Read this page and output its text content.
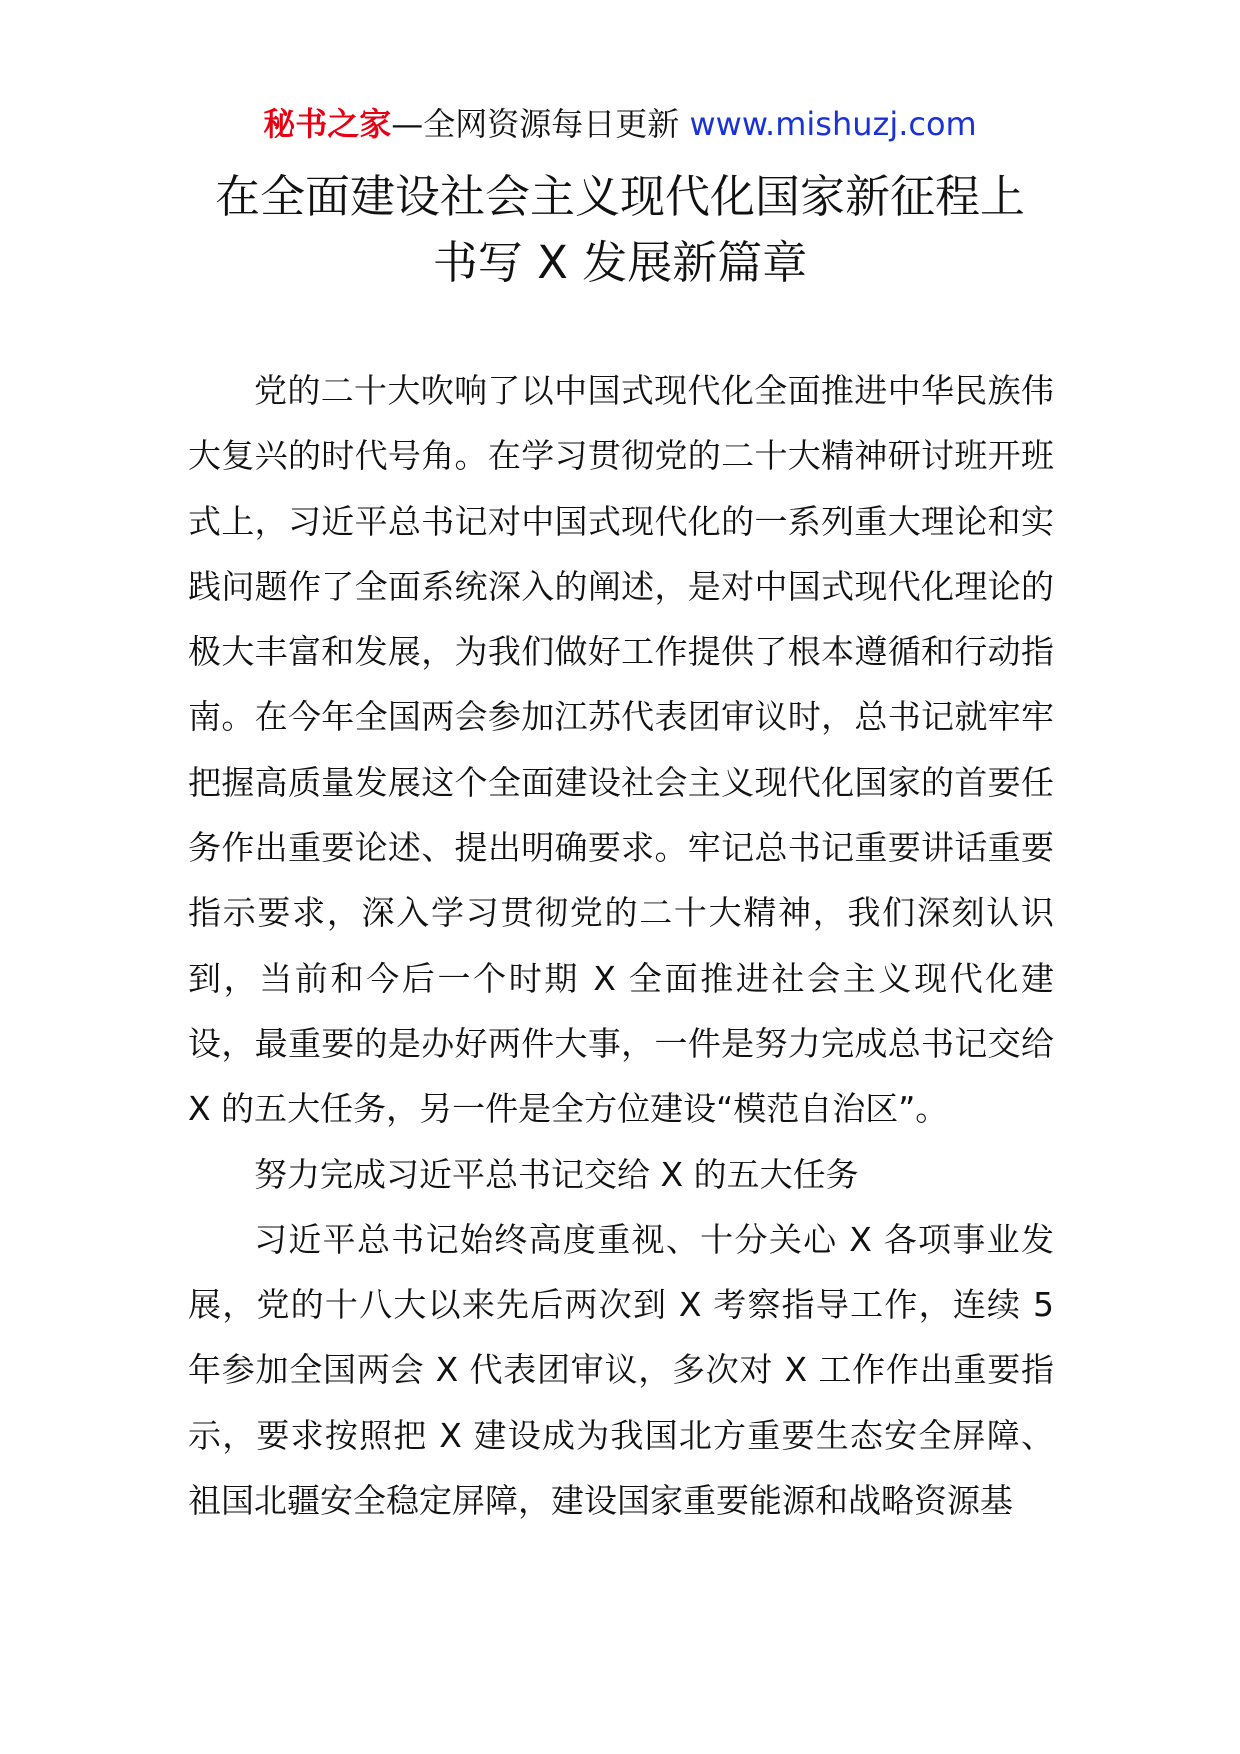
秘书之家—全网资源每日更新 www.mishuzj.com
在全面建设社会主义现代化国家新征程上
书写 X 发展新篇章

党的二十大吹响了以中国式现代化全面推进中华民族伟大复兴的时代号角。在学习贯彻党的二十大精神研讨班开班式上，习近平总书记对中国式现代化的一系列重大理论和实践问题作了全面系统深入的阐述，是对中国式现代化理论的极大丰富和发展，为我们做好工作提供了根本遵循和行动指南。在今年全国两会参加江苏代表团审议时，总书记就牢牢把握高质量发展这个全面建设社会主义现代化国家的首要任务作出重要论述、提出明确要求。牢记总书记重要讲话重要指示要求，深入学习贯彻党的二十大精神，我们深刻认识到，当前和今后一个时期 X 全面推进社会主义现代化建设，最重要的是办好两件大事，一件是努力完成总书记交给 X 的五大任务，另一件是全方位建设“模范自治区”。

努力完成习近平总书记交给 X 的五大任务

习近平总书记始终高度重视、十分关心 X 各项事业发展，党的十八大以来先后两次到 X 考察指导工作，连续 5 年参加全国两会 X 代表团审议，多次对 X 工作作出重要指示，要求按照把 X 建设成为我国北方重要生态安全屏障、祖国北疆安全稳定屏障，建设国家重要能源和战略资源基
